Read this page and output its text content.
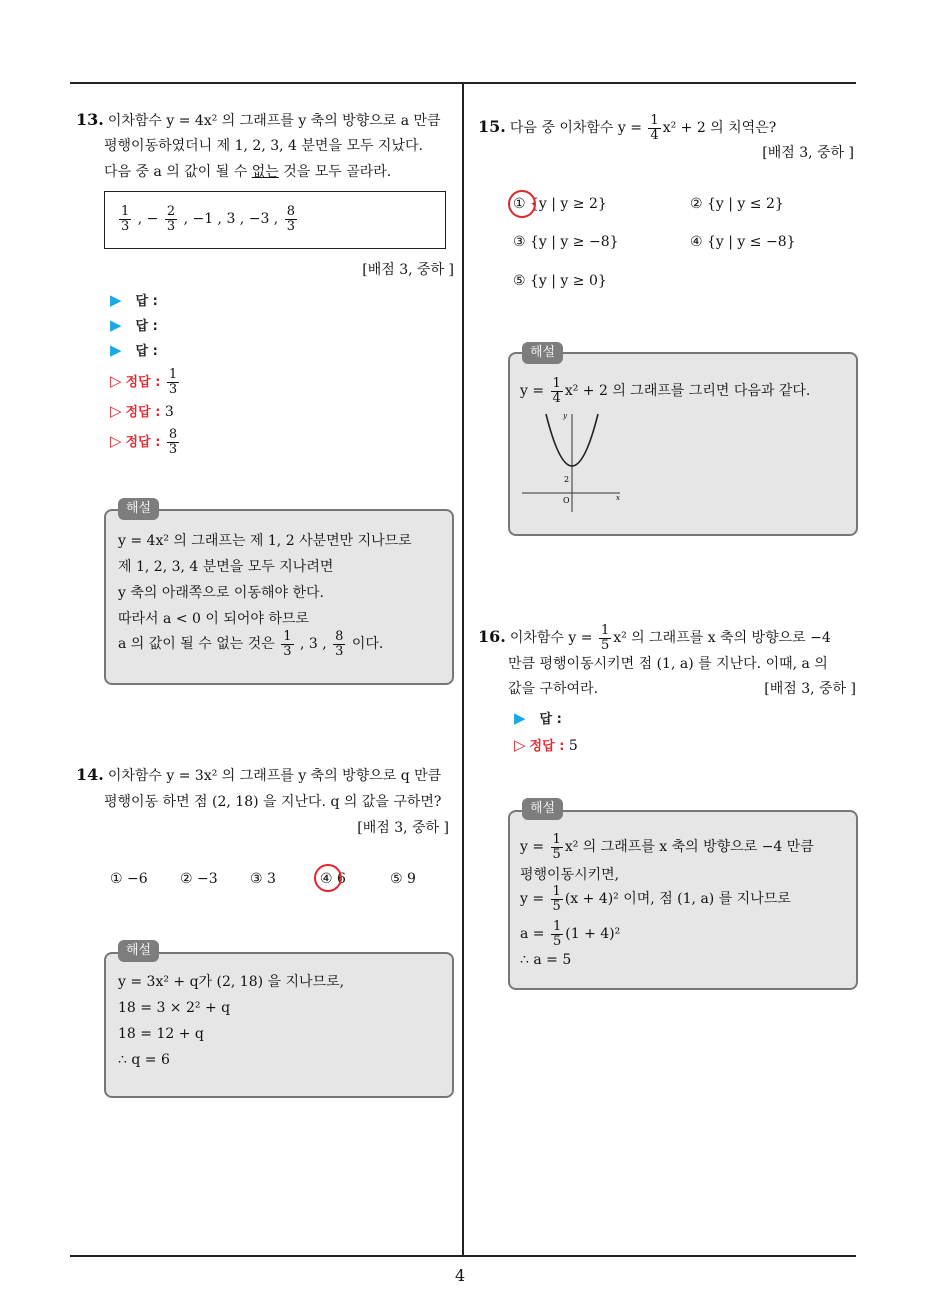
4
13. 이차함수 y = 4x² 의 그래프를 y 축의 방향으로 a 만큼
평행이동하였더니 제 1, 2, 3, 4 분면을 모두 지났다.
다음 중 a 의 값이 될 수 없는 것을 모두 골라라.
$\frac{1}{3}$ , − $\frac{2}{3}$ , −1 , 3 , −3 , $\frac{8}{3}$
[배점 3, 중하 ]
▶ 답 :
▶ 답 :
▶ 답 :
▷ 정답 : $\frac{1}{3}$
▷ 정답 : 3
▷ 정답 : $\frac{8}{3}$
해설
y = 4x² 의 그래프는 제 1, 2 사분면만 지나므로
제 1, 2, 3, 4 분면을 모두 지나려면
y 축의 아래쪽으로 이동해야 한다.
따라서 a < 0 이 되어야 하므로
a 의 값이 될 수 없는 것은 $\frac{1}{3}$ , 3 , $\frac{8}{3}$ 이다.
14. 이차함수 y = 3x² 의 그래프를 y 축의 방향으로 q 만큼
평행이동 하면 점 (2, 18) 을 지난다. q 의 값을 구하면?
[배점 3, 중하 ]
① −6 ② −3 ③ 3	④ 6	⑤ 9
해설
y = 3x² + q가 (2, 18) 을 지나므로,
18 = 3 × 2² + q
18 = 12 + q
∴ q = 6
15. 다음 중 이차함수 $y = \frac{1}{4} x^2 + 2$ 의 치역은?
[배점 3, 중하 ]
① {y | y ≥ 2}	② {y | y ≤ 2}
③ {y | y ≥ −8}	④ {y | y ≤ −8}
⑤ {y | y ≥ 0}
해설
$y = \frac{1}{4} x^2 + 2$ 의 그래프를 그리면 다음과 같다.
y
x
O
2
16. 이차함수 $y = \frac{1}{5} x^2$ 의 그래프를 x 축의 방향으로 −4
만큼 평행이동시키면 점 (1, a) 를 지난다. 이때, a 의
값을 구하여라.	[배점 3, 중하 ]
▶ 답 :
▷ 정답 : 5
해설
$y = \frac{1}{5} x^2$ 의 그래프를 x 축의 방향으로 −4 만큼
평행이동시키면,
$y = \frac{1}{5} (x + 4)^2$ 이며, 점 (1, a) 를 지나므로
$a = \frac{1}{5} (1 + 4)^2$
∴ a = 5
